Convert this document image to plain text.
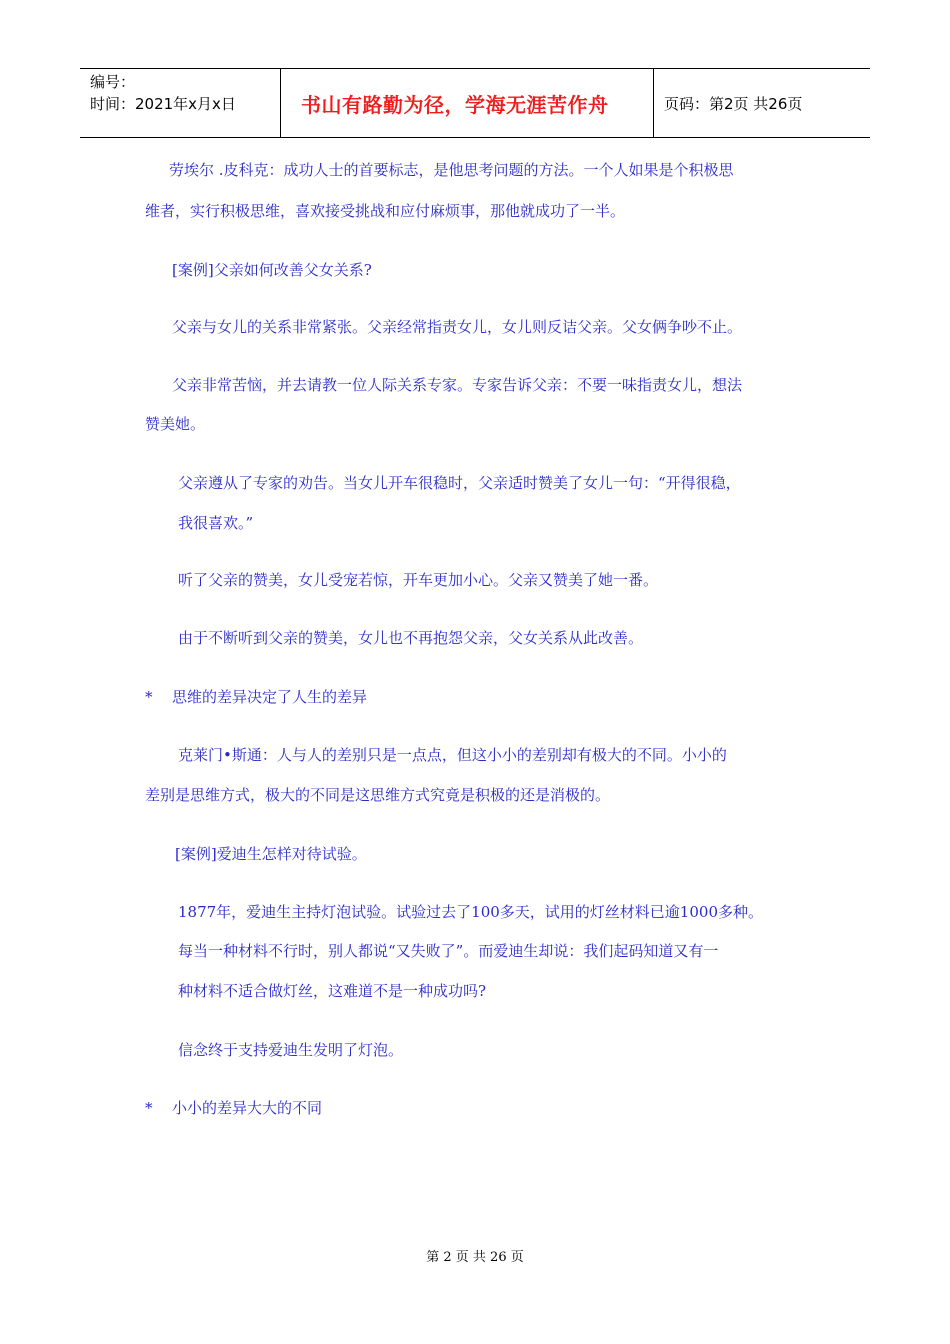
编号：
时间：2021年x月x日	书山有路勤为径，学海无涯苦作舟	页码：第2页 共26页
劳埃尔 .皮科克：成功人士的首要标志，是他思考问题的方法。一个人如果是个积极思
维者，实行积极思维，喜欢接受挑战和应付麻烦事，那他就成功了一半。
[案例]父亲如何改善父女关系?
父亲与女儿的关系非常紧张。父亲经常指责女儿，女儿则反诘父亲。父女俩争吵不止。
父亲非常苦恼，并去请教一位人际关系专家。专家告诉父亲：不要一味指责女儿，想法
赞美她。
父亲遵从了专家的劝告。当女儿开车很稳时，父亲适时赞美了女儿一句：“开得很稳，
我很喜欢。”
听了父亲的赞美，女儿受宠若惊，开车更加小心。父亲又赞美了她一番。
由于不断听到父亲的赞美，女儿也不再抱怨父亲，父女关系从此改善。
* 思维的差异决定了人生的差异
克莱门•斯通：人与人的差别只是一点点，但这小小的差别却有极大的不同。小小的
差别是思维方式，极大的不同是这思维方式究竟是积极的还是消极的。
[案例]爱迪生怎样对待试验。
1877年，爱迪生主持灯泡试验。试验过去了100多天，试用的灯丝材料已逾1000多种。
每当一种材料不行时，别人都说“又失败了”。而爱迪生却说：我们起码知道又有一
种材料不适合做灯丝，这难道不是一种成功吗?
信念终于支持爱迪生发明了灯泡。
* 小小的差异大大的不同
第 2 页 共 26 页
